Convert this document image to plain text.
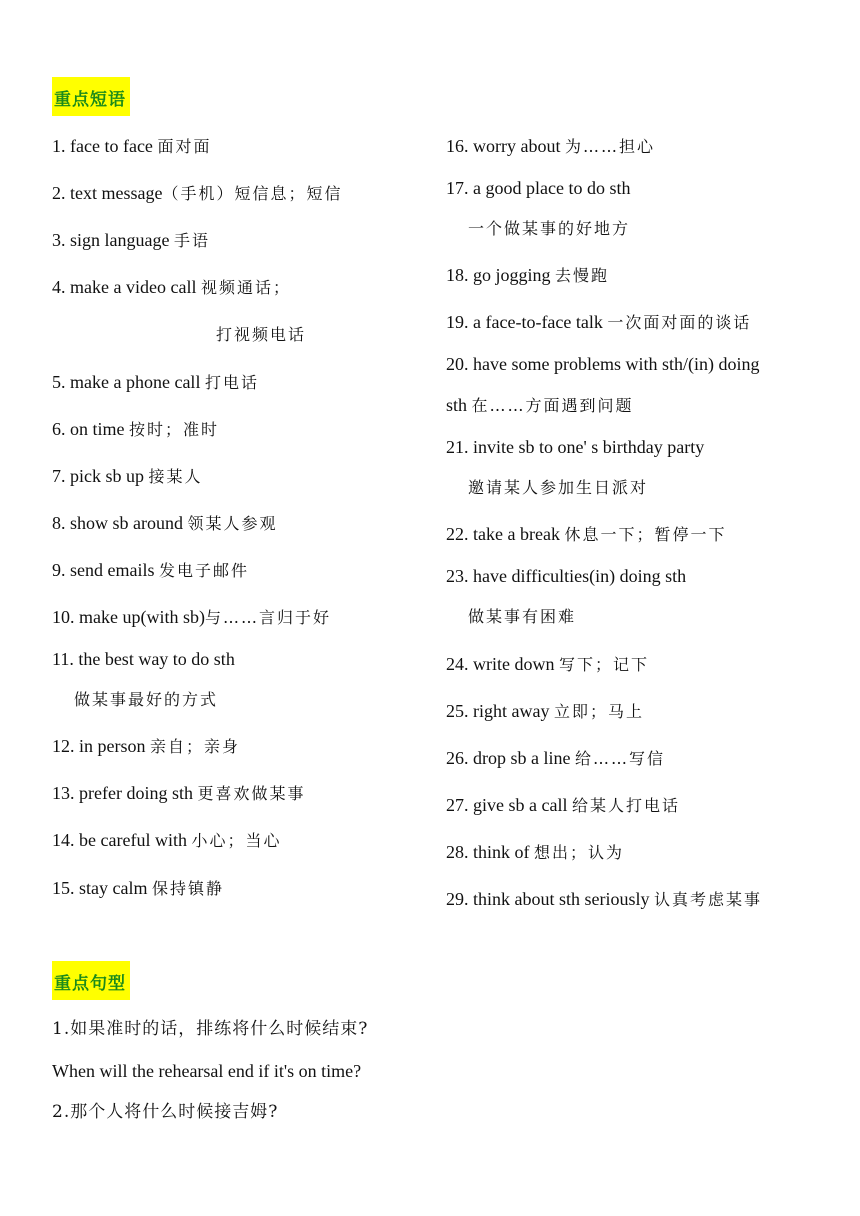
重点短语
1. face to face 面对面
2. text message（手机）短信息；短信
3. sign language 手语
4. make a video call 视频通话；
打视频电话
5. make a phone call 打电话
6. on time 按时；准时
7. pick sb up 接某人
8. show sb around 领某人参观
9. send emails 发电子邮件
10. make up(with sb)与……言归于好
11. the best way to do sth
做某事最好的方式
12. in person 亲自；亲身
13. prefer doing sth 更喜欢做某事
14. be careful with 小心；当心
15. stay calm 保持镇静
16. worry about 为……担心
17. a good place to do sth
一个做某事的好地方
18. go jogging 去慢跑
19. a face-to-face talk 一次面对面的谈话
20. have some problems with sth/(in) doing
sth 在……方面遇到问题
21. invite sb to one' s birthday party
邀请某人参加生日派对
22. take a break 休息一下；暂停一下
23. have difficulties(in) doing sth
做某事有困难
24. write down 写下；记下
25. right away 立即；马上
26. drop sb a line 给……写信
27. give sb a call 给某人打电话
28. think of 想出；认为
29. think about sth seriously 认真考虑某事
重点句型
1.如果准时的话，排练将什么时候结束?
When will the rehearsal end if it's on time?
2.那个人将什么时候接吉姆?
